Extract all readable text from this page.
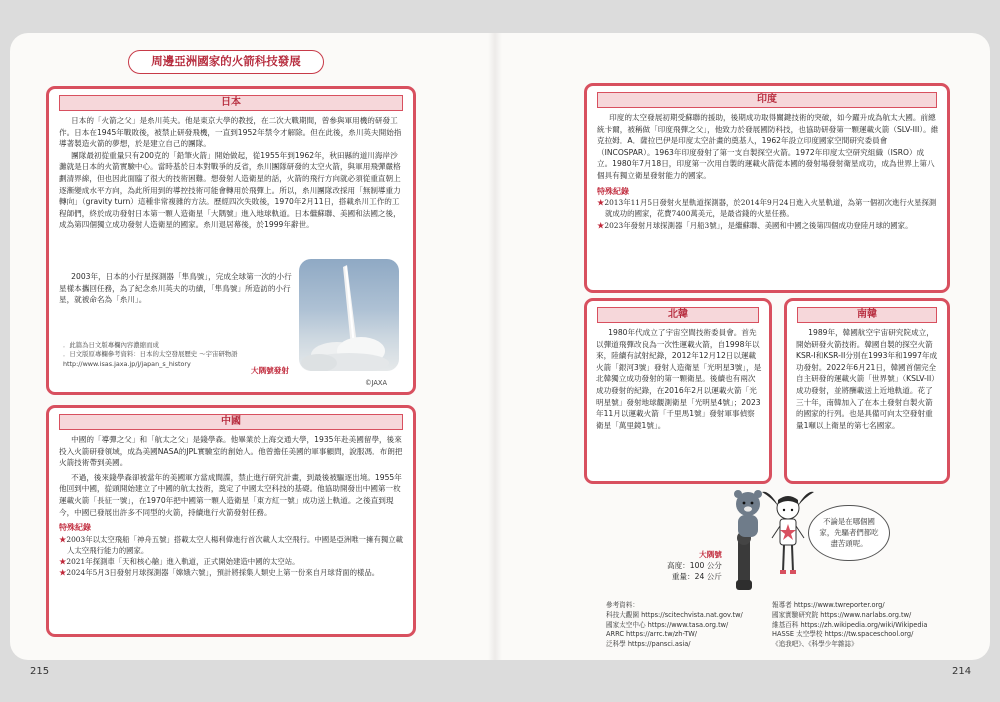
周邊亞洲國家的火箭科技發展
日本

日本的「火箭之父」是糸川英夫。他是東京大學的教授，在二次大戰期間，曾參與軍用機的研發工作。日本在1945年戰敗後，被禁止研發飛機，一直到1952年禁令才解除。但在此後，糸川英夫開始指導著製造火箭的夢想，於是建立自己的團隊。

團隊最初從重量只有200克的「鉛筆火箭」開始做起，從1955年到1962年，秋田縣的道川海岸沙灘就是日本的火箭實驗中心。當時基於日本對戰爭的反省，糸川團隊研發的太空火箭，與軍用飛彈嚴格劃清界線，但也因此面臨了很大的技術困難。想發射人造衛星的話，火箭的飛行方向就必須從重直朝上逐漸變成水平方向，為此所用到的導控技術可能會轉用於飛彈上。所以，糸川團隊改採用「無制導重力轉向」（gravity turn）這種非常複雜的方法。歷經四次失敗後，1970年2月11日，搭載糸川工作的工程師們，終於成功發射日本第一顆人造衛星「大隅號」進入地球軌道。日本繼蘇聯、美國和法國之後，成為第四個獨立成功發射人造衛星的國家。糸川退居幕後，於1999年辭世。

2003年，日本的小行星探測器「隼鳥號」，完成全球第一次的小行星樣本攜回任務，為了紀念糸川英夫的功績，「隼鳥號」所造訪的小行星，就被命名為「糸川」。

．此篇為日文版專欄內容濃縮而成
．日文版原專欄參考資料：日本的太空發展歷史 〜宇宙研物語
http://www.isas.jaxa.jp/j/japan_s_history
大隅號發射
©JAXA
中國

中國的「導彈之父」和「航太之父」是錢學森。他畢業於上海交通大學，1935年赴美國留學，後來投入火箭研發領域，成為美國NASA的JPL實驗室的創始人。他曾擔任美國的軍事顧問，說服馮．布朗把火箭技術帶到美國。

不過，後來錢學森卻被當年的美國軍方當成間諜，禁止進行研究計畫，到最後被驅逐出境。1955年他回到中國，從頭開始建立了中國的航太技術，奠定了中國太空科技的基礎。他協助開發出中國第一枚運載火箭「長征一號」，在1970年把中國第一顆人造衛星「東方紅一號」成功送上軌道。之後直到現今，中國已發展出許多不同型的火箭，持續進行火箭發射任務。

特殊紀錄
★2003年以太空飛船「神舟五號」搭載太空人楊利偉進行首次載人太空飛行。中國是亞洲唯一擁有獨立載人太空飛行能力的國家。
★2021年探測車「天和核心艙」進入軌道，正式開始建造中國的太空站。
★2024年5月3日發射月球探測器「嫦娥六號」，預計將採集人類史上第一份來自月球背面的樣品。
印度

印度的太空發展初期受蘇聯的援助，後期成功取得關鍵技術的突破，如今躍升成為航太大國。前總統卡爾，被稱做「印度飛彈之父」，他致力於發展國防科技，也協助研發第一顆運載火箭（SLV-III）。維克拉姆．A．薩拉巴伊是印度太空計畫的奠基人，1962年設立印度國家空間研究委員會（INCOSPAR）。1963年印度發射了第一支自製探空火箭。1972年印度太空研究組織（ISRO）成立。1980年7月18日，印度第一次用自製的運載火箭從本國的發射場發射衛星成功，成為世界上第八個具有獨立衛星發射能力的國家。

特殊紀錄
★2013年11月5日發射火星軌道探測器，於2014年9月24日進入火星軌道，為第一個初次進行火星探測就成功的國家，花費7400萬美元，是最省錢的火星任務。
★2023年發射月球探測器「月船3號」，是繼蘇聯、美國和中國之後第四個成功登陸月球的國家。
北韓

1980年代成立了宇宙空間技術委員會。首先以彈道飛彈改良為一次性運載火箭，自1998年以來，陸續有試射紀錄，2012年12月12日以運載火箭「銀河3號」發射人造衛星「光明星3號」，是北韓獨立成功發射的第一顆衛星。後續也有兩次成功發射的紀錄，在2016年2月以運載火箭「光明星號」發射地球觀測衛星「光明星4號」；2023年11月以運載火箭「千里馬1號」發射軍事偵察衛星「萬里鏡1號」。

南韓

1989年，韓國航空宇宙研究院成立，開始研發火箭技術。韓國自製的探空火箭KSR-I和KSR-II分別在1993年和1997年成功發射。2022年6月21日，韓國首個完全自主研發的運載火箭「世界號」（KSLV-II）成功發射，並將酬載送上近地軌道。花了三十年，南韓加入了在本土發射自製火箭的國家的行列。也是具備可向太空發射重量1噸以上衛星的第七名國家。

不論是在哪個國家，先驅者們都吃盡苦頭呢。
大隅號
高度：100 公分
重量：24 公斤
參考資料：
科技大觀園 https://scitechvista.nat.gov.tw/
國家太空中心 https://www.tasa.org.tw/
ARRC https://arrc.tw/zh-TW/
泛科學 https://pansci.asia/
報導者 https://www.twreporter.org/
國家實驗研究院 https://www.narlabs.org.tw/
維基百科 https://zh.wikipedia.org/wiki/Wikipedia
HASSE 太空學校 https://tw.spaceschool.org/
《追我吧》、《科學少年雜誌》
215	214
